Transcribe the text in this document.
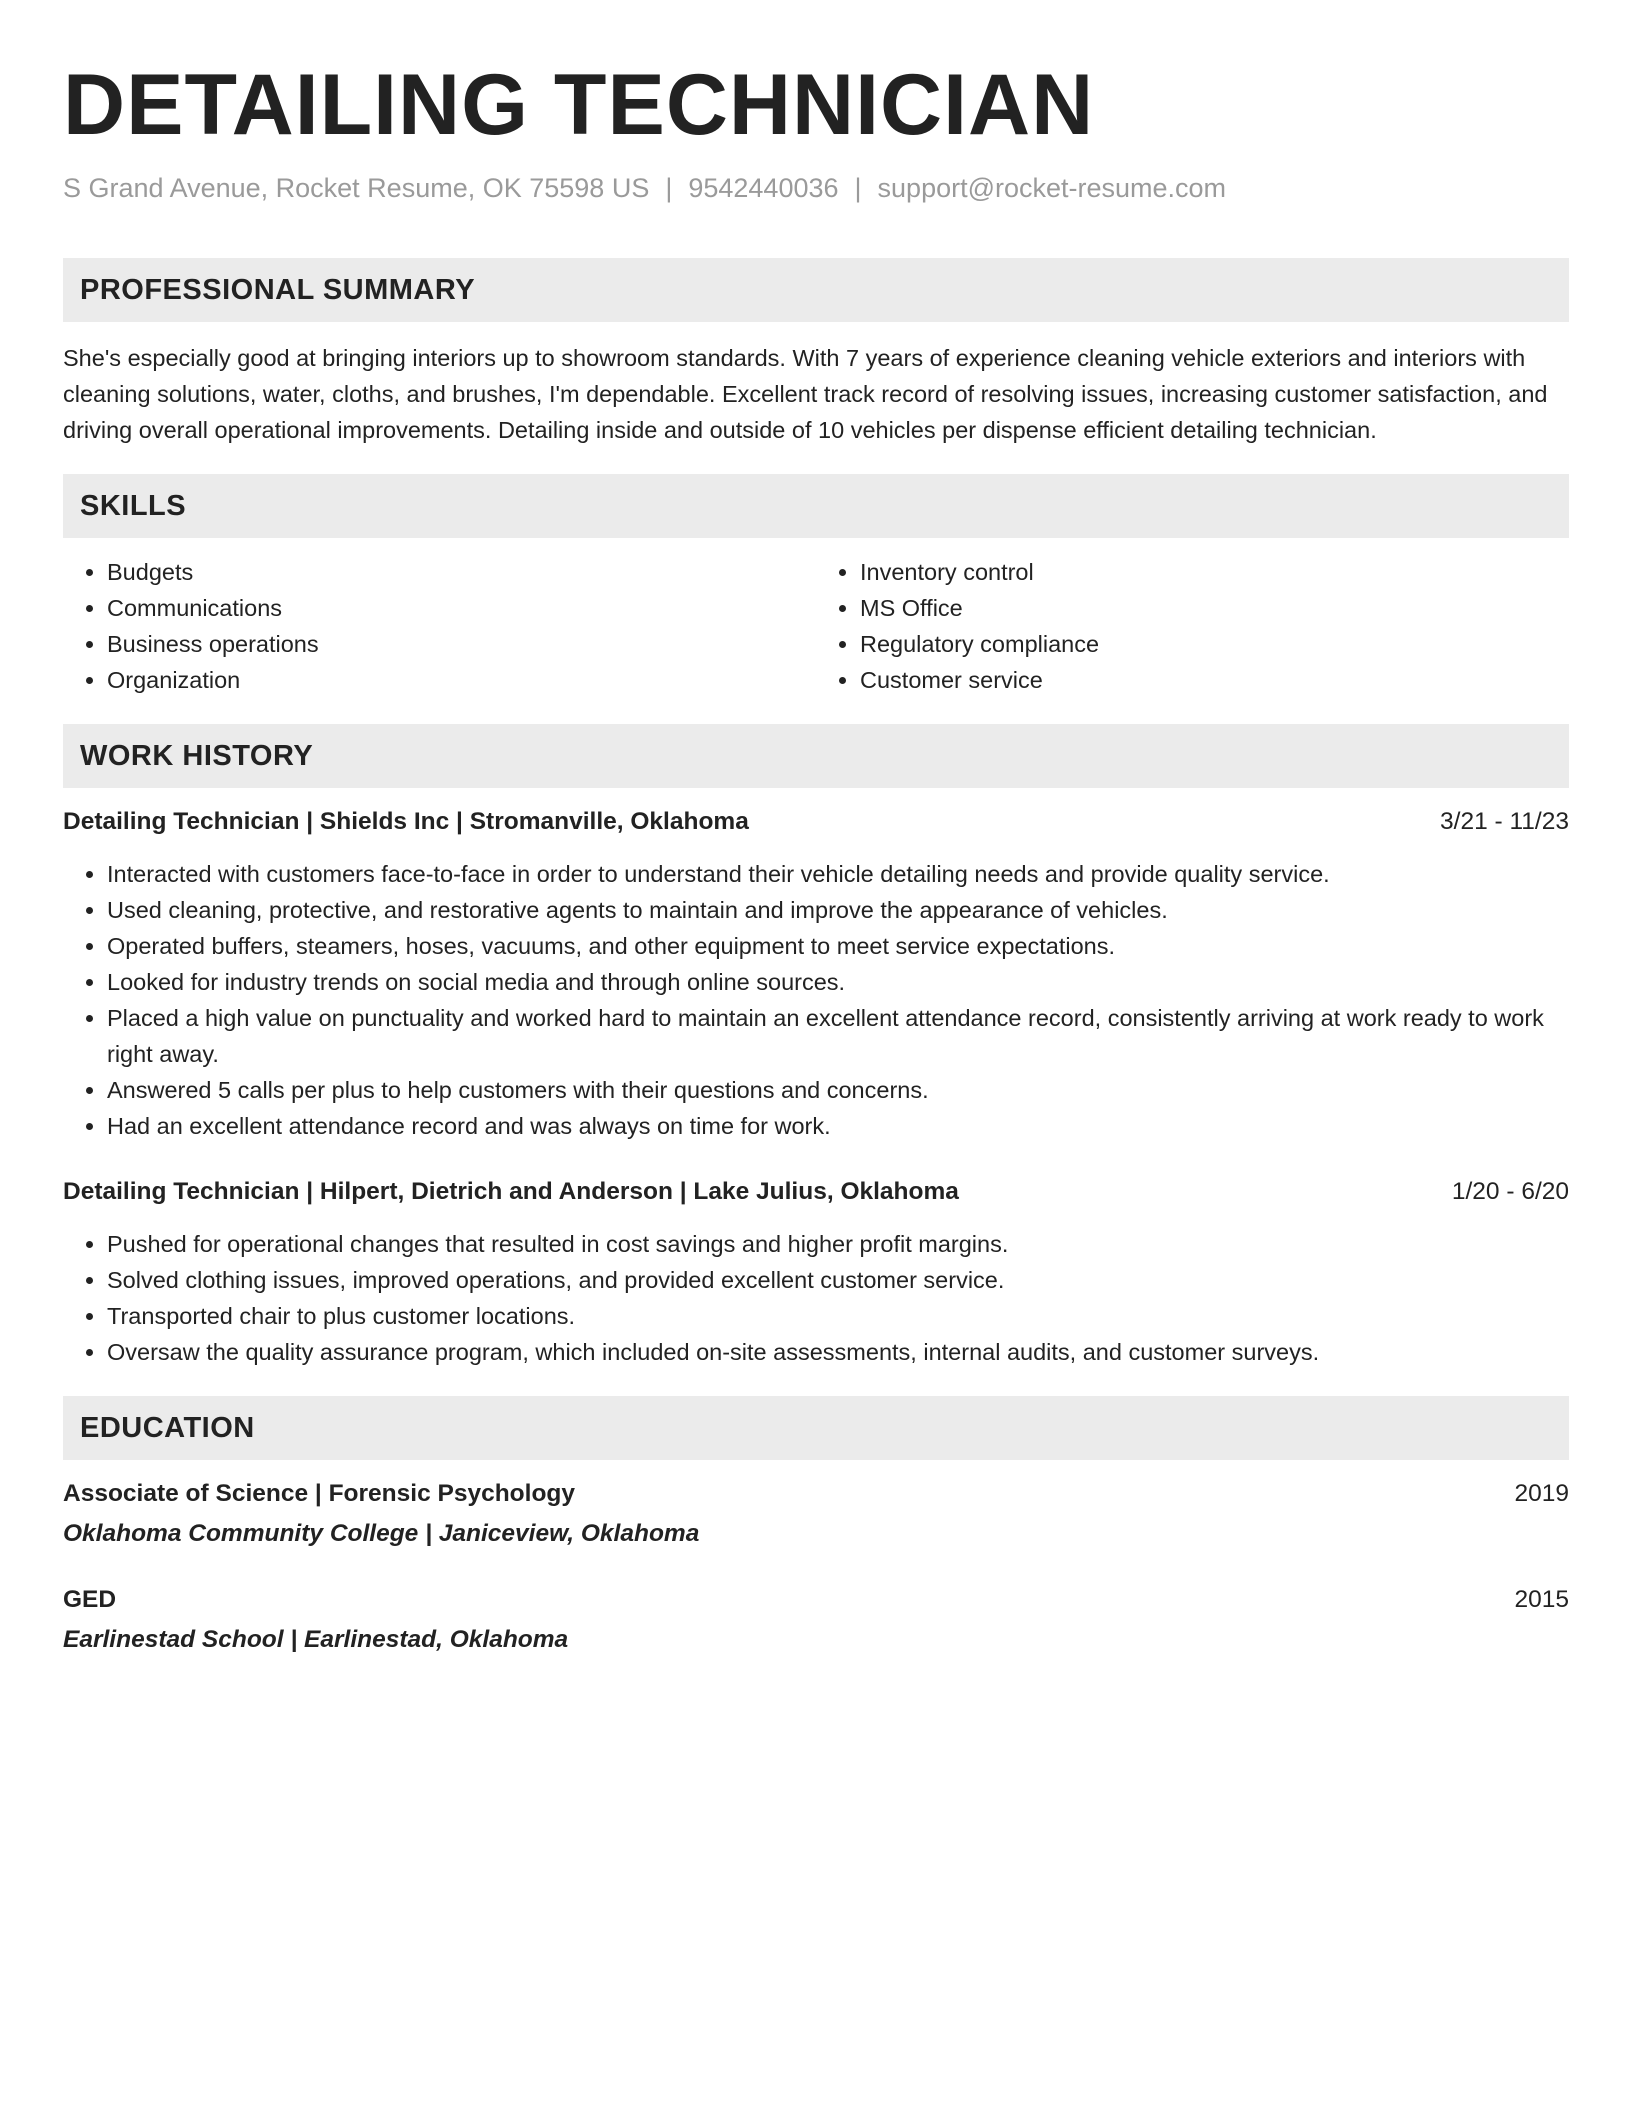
DETAILING TECHNICIAN
S Grand Avenue, Rocket Resume, OK 75598 US | 9542440036 | support@rocket-resume.com
PROFESSIONAL SUMMARY
She's especially good at bringing interiors up to showroom standards. With 7 years of experience cleaning vehicle exteriors and interiors with cleaning solutions, water, cloths, and brushes, I'm dependable. Excellent track record of resolving issues, increasing customer satisfaction, and driving overall operational improvements. Detailing inside and outside of 10 vehicles per dispense efficient detailing technician.
SKILLS
• Budgets
• Communications
• Business operations
• Organization
• Inventory control
• MS Office
• Regulatory compliance
• Customer service
WORK HISTORY
Detailing Technician | Shields Inc | Stromanville, Oklahoma	3/21 - 11/23
• Interacted with customers face-to-face in order to understand their vehicle detailing needs and provide quality service.
• Used cleaning, protective, and restorative agents to maintain and improve the appearance of vehicles.
• Operated buffers, steamers, hoses, vacuums, and other equipment to meet service expectations.
• Looked for industry trends on social media and through online sources.
• Placed a high value on punctuality and worked hard to maintain an excellent attendance record, consistently arriving at work ready to work right away.
• Answered 5 calls per plus to help customers with their questions and concerns.
• Had an excellent attendance record and was always on time for work.
Detailing Technician | Hilpert, Dietrich and Anderson | Lake Julius, Oklahoma	1/20 - 6/20
• Pushed for operational changes that resulted in cost savings and higher profit margins.
• Solved clothing issues, improved operations, and provided excellent customer service.
• Transported chair to plus customer locations.
• Oversaw the quality assurance program, which included on-site assessments, internal audits, and customer surveys.
EDUCATION
Associate of Science | Forensic Psychology	2019
Oklahoma Community College | Janiceview, Oklahoma
GED	2015
Earlinestad School | Earlinestad, Oklahoma
